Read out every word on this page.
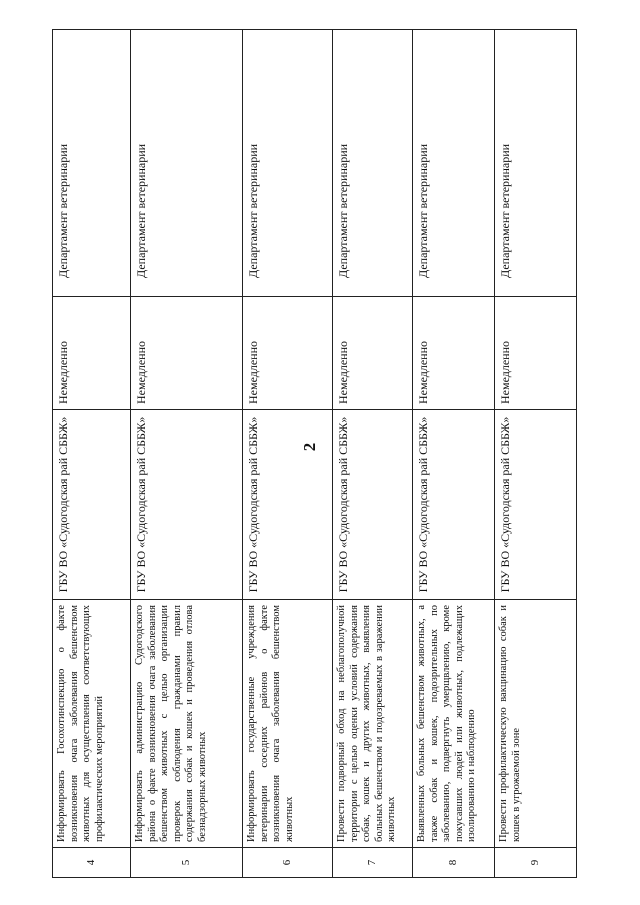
2
4	Информировать Госохотинспекцию о факте возникновения очага заболевания бешенством животных для осуществления соответствующих профилактических мероприятий	ГБУ ВО «Судогодская рай СББЖ»	Немедленно	Департамент ветеринарии
5	Информировать администрацию Судогодского района о факте возникновения очага заболевания бешенством животных с целью организации проверок соблюдения гражданами правил содержания собак и кошек и проведения отлова безнадзорных животных	ГБУ ВО «Судогодская рай СББЖ»	Немедленно	Департамент ветеринарии
6	Информировать государственные учреждения ветеринарии соседних районов о факте возникновения очага заболевания бешенством животных	ГБУ ВО «Судогодская рай СББЖ»	Немедленно	Департамент ветеринарии
7	Провести подворный обход на неблагополучной территории с целью оценки условий содержания собак, кошек и других животных, выявления больных бешенством и подозреваемых в заражении животных	ГБУ ВО «Судогодская рай СББЖ»	Немедленно	Департамент ветеринарии
8	Выявленных больных бешенством животных, а также собак и кошек, подозрительных по заболеванию, подвергнуть умерщвлению, кроме покусавших людей или животных, подлежащих изолированию и наблюдению	ГБУ ВО «Судогодская рай СББЖ»	Немедленно	Департамент ветеринарии
9	Провести профилактическую вакцинацию собак и кошек в угрожаемой зоне	ГБУ ВО «Судогодская рай СББЖ»	Немедленно	Департамент ветеринарии
